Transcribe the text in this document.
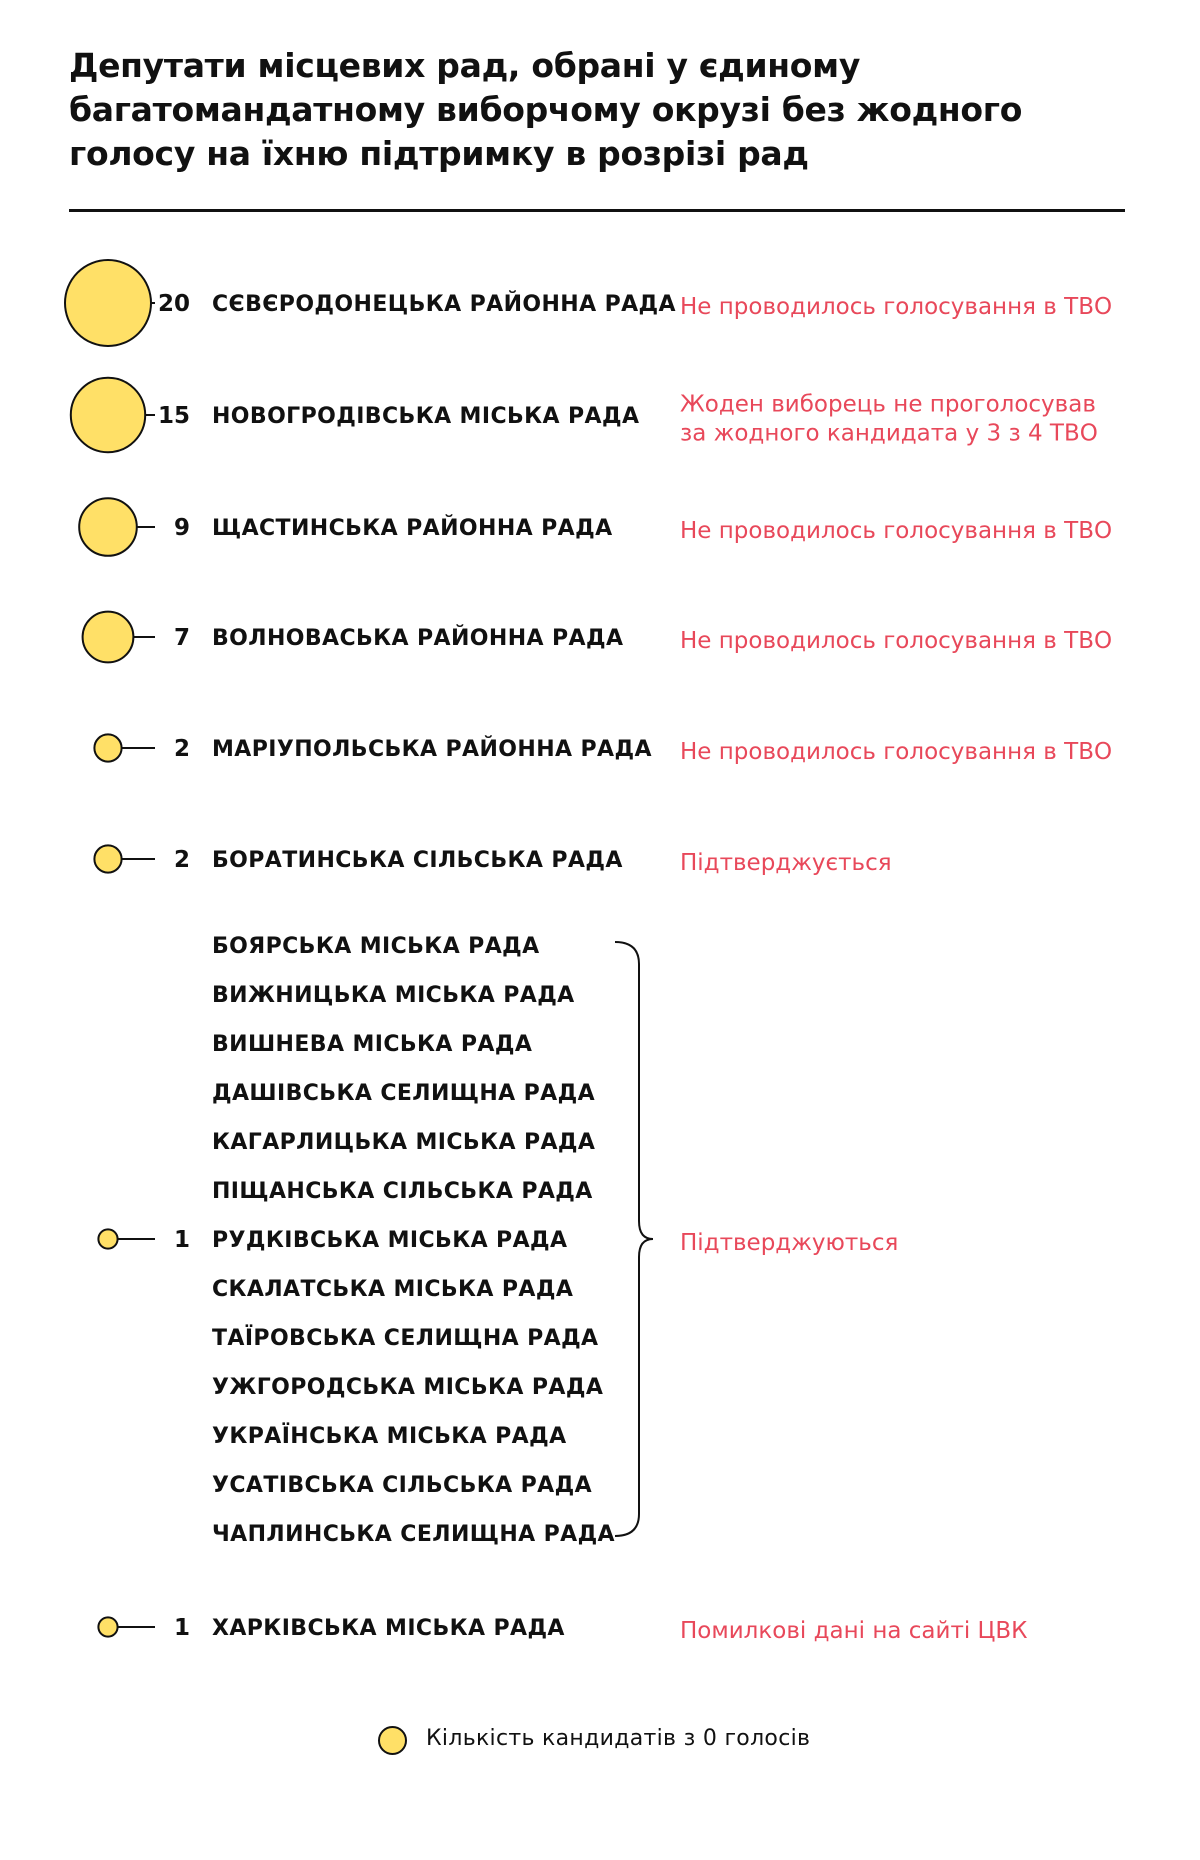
Депутати місцевих рад, обрані у єдиному багатомандатному виборчому окрузі без жодного голосу на їхню підтримку в розрізі рад
20 СЄВЄРОДОНЕЦЬКА РАЙОННА РАДА Не проводилось голосування в ТВО
15 НОВОГРОДІВСЬКА МІСЬКА РАДА Жоден виборець не проголосував
за жодного кандидата у 3 з 4 ТВО
9 ЩАСТИНСЬКА РАЙОННА РАДА	Не проводилось голосування в ТВО
7 ВОЛНОВАСЬКА РАЙОННА РАДА Не проводилось голосування в ТВО
2 МАРІУПОЛЬСЬКА РАЙОННА РАДА Не проводилось голосування в ТВО
2 БОРАТИНСЬКА СІЛЬСЬКА РАДА Підтверджується
1
БОЯРСЬКА МІСЬКА РАДА
ВИЖНИЦЬКА МІСЬКА РАДА
ВИШНЕВА МІСЬКА РАДА
ДАШІВСЬКА СЕЛИЩНА РАДА
КАГАРЛИЦЬКА МІСЬКА РАДА
ПІЩАНСЬКА СІЛЬСЬКА РАДА
РУДКІВСЬКА МІСЬКА РАДА
СКАЛАТСЬКА МІСЬКА РАДА
ТАЇРОВСЬКА СЕЛИЩНА РАДА
УЖГОРОДСЬКА МІСЬКА РАДА
УКРАЇНСЬКА МІСЬКА РАДА
УСАТІВСЬКА СІЛЬСЬКА РАДА
ЧАПЛИНСЬКА СЕЛИЩНА РАДА
Підтверджуються
1 ХАРКІВСЬКА МІСЬКА РАДА	Помилкові дані на сайті ЦВК
Кількість кандидатів з 0 голосів
